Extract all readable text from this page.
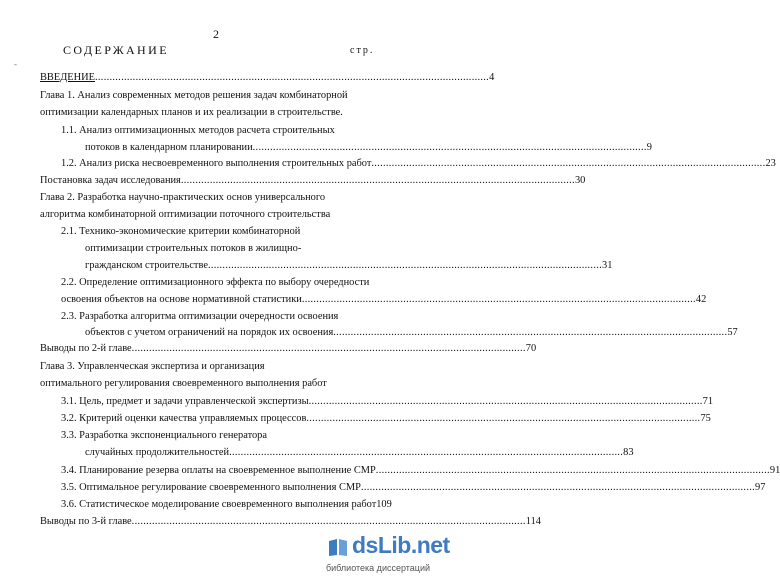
2
СОДЕРЖАНИЕ	стр.
-
ВВЕДЕНИЕ ........................................................................................................................................ 4
Глава 1. Анализ современных методов решения задач комбинаторной
оптимизации календарных планов и их реализации в строительстве.
1.1. Анализ оптимизационных методов расчета строительных
потоков в календарном планировании ........................................................................................................................................ 9
1.2. Анализ риска несвоевременного выполнения строительных работ ........................................................................................................................................ 23
Постановка задач исследования ........................................................................................................................................ 30
Глава 2. Разработка научно-практических основ универсального
алгоритма комбинаторной оптимизации поточного строительства
2.1. Технико-экономические критерии комбинаторной
оптимизации строительных потоков в жилищно-
гражданском строительстве ........................................................................................................................................ 31
2.2. Определение оптимизационного эффекта по выбору очередности
освоения объектов на основе нормативной статистики ........................................................................................................................................ 42
2.3. Разработка алгоритма оптимизации очередности освоения
объектов с учетом ограничений на порядок их освоения ........................................................................................................................................ 57
Выводы по 2-й главе ........................................................................................................................................ 70
Глава 3. Управленческая экспертиза и организация
оптимального регулирования своевременного выполнения работ
3.1. Цель, предмет и задачи управленческой экспертизы ........................................................................................................................................ 71
3.2. Критерий оценки качества управляемых процессов ........................................................................................................................................ 75
3.3. Разработка экспоненциального генератора
случайных продолжительностей ........................................................................................................................................ 83
3.4. Планирование резерва оплаты на своевременное выполнение СМР ........................................................................................................................................ 91
3.5. Оптимальное регулирование своевременного выполнения СМР ........................................................................................................................................ 97
3.6. Статистическое моделирование своевременного выполнения работ 109
Выводы по 3-й главе ........................................................................................................................................ 114
dsLib.net
библиотека диссертаций
